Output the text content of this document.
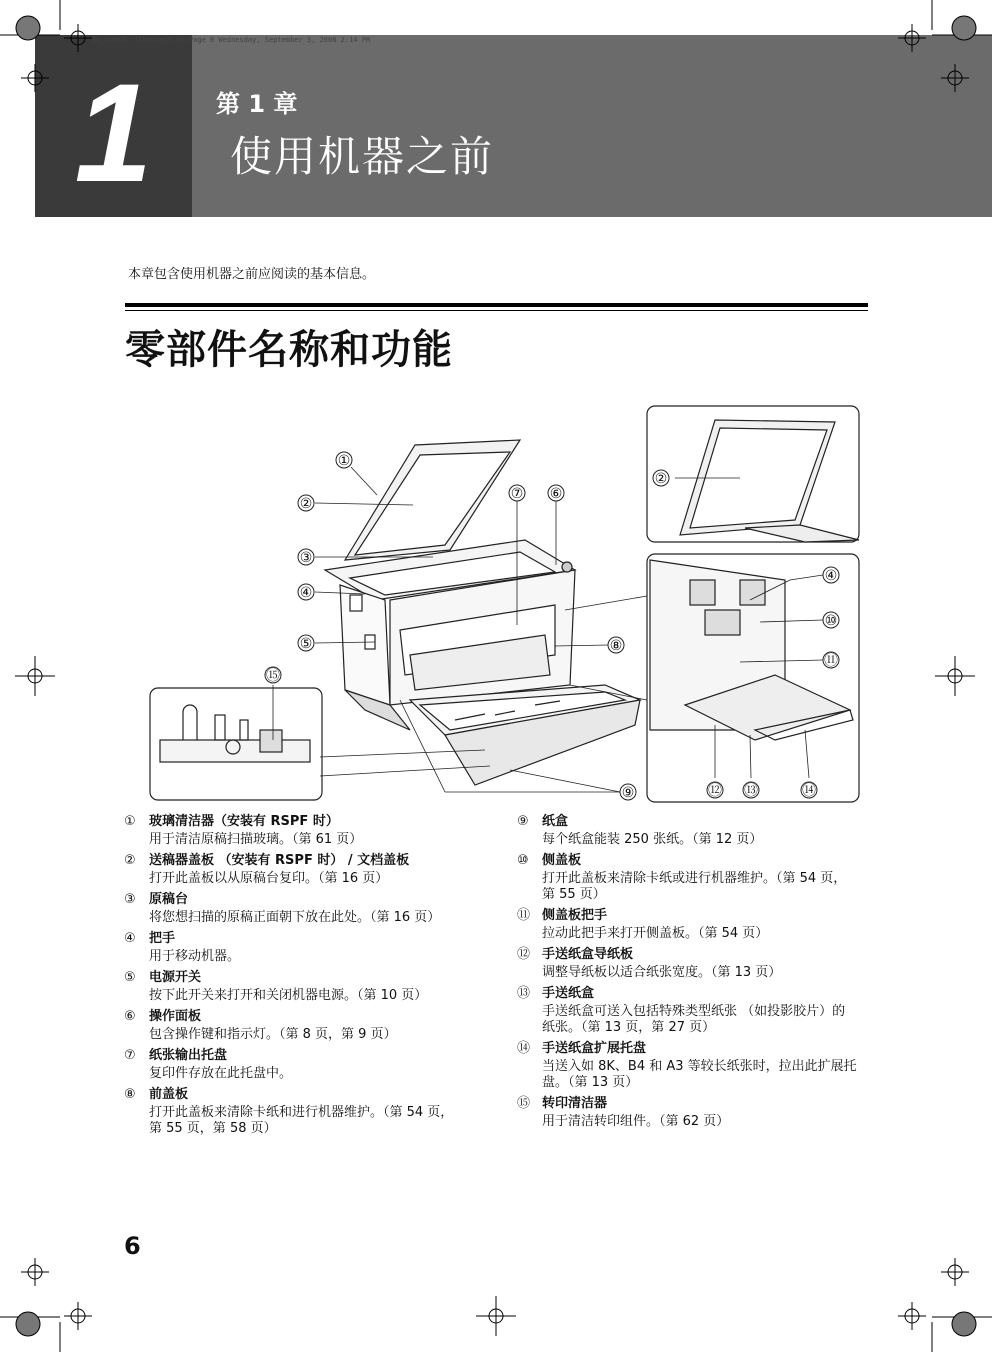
EX_Ope(D)_1Chapter1.fm Page 6 Wednesday, September 3, 2008 2:14 PM
1	第 1 章
使用机器之前
本章包含使用机器之前应阅读的基本信息。
零部件名称和功能
①
②
③
④
⑤
⑥
⑦
⑧
⑨
⑩
⑪
⑫ ⑬	⑭
⑮
②
④
① 玻璃清洁器（安装有 RSPF 时）
用于清洁原稿扫描玻璃。（第 61 页）
② 送稿器盖板 （安装有 RSPF 时） / 文档盖板
打开此盖板以从原稿台复印。（第 16 页）
③ 原稿台
将您想扫描的原稿正面朝下放在此处。（第 16 页）
④ 把手
用于移动机器。
⑤ 电源开关
按下此开关来打开和关闭机器电源。（第 10 页）
⑥ 操作面板
包含操作键和指示灯。（第 8 页，第 9 页）
⑦ 纸张输出托盘
复印件存放在此托盘中。
⑧ 前盖板
打开此盖板来清除卡纸和进行机器维护。（第 54 页，第 55 页，第 58 页）
⑨ 纸盒
每个纸盒能装 250 张纸。（第 12 页）
⑩ 侧盖板
打开此盖板来清除卡纸或进行机器维护。（第 54 页，第 55 页）
⑪ 侧盖板把手
拉动此把手来打开侧盖板。（第 54 页）
⑫ 手送纸盒导纸板
调整导纸板以适合纸张宽度。（第 13 页）
⑬ 手送纸盒
手送纸盒可送入包括特殊类型纸张 （如投影胶片）的纸张。（第 13 页，第 27 页）
⑭ 手送纸盒扩展托盘
当送入如 8K、B4 和 A3 等较长纸张时，拉出此扩展托盘。（第 13 页）
⑮ 转印清洁器
用于清洁转印组件。（第 62 页）
6
